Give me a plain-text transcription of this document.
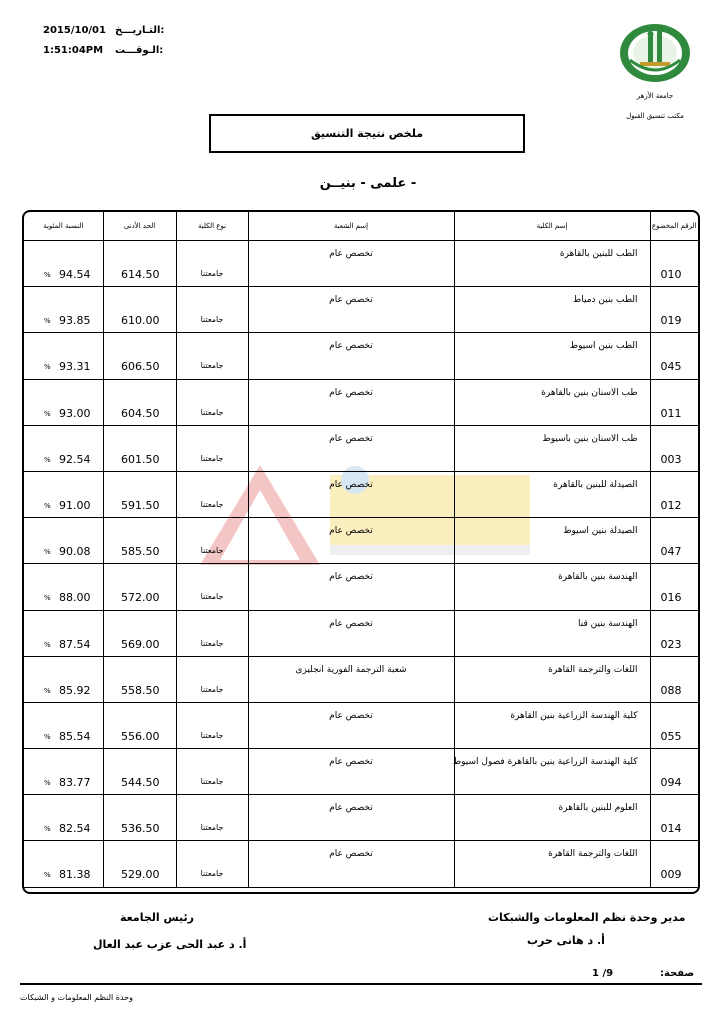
2015/10/01 التـاريـــخ:
1:51:04PM الـوقـــت:
جامعة الأزهر
مكتب تنسيق القبول
ملخص نتيجة التنسيق
- علمى - بنيــن
النسبة المئوية	الحد الأدنى	نوع الكلية	إسم الشعبة	إسم الكلية	الرقم المخضوع

% 94.54	614.50	جامعتنا	تخصص عام	الطب للبنين بالقاهرة	010

% 93.85	610.00	جامعتنا	تخصص عام	الطب بنين دمياط	019

% 93.31	606.50	جامعتنا	تخصص عام	الطب بنين اسيوط	045

% 93.00	604.50	جامعتنا	تخصص عام	طب الاسنان بنين بالقاهرة	011

% 92.54	601.50	جامعتنا	تخصص عام	طب الاسنان بنين باسيوط	003

% 91.00	591.50	جامعتنا	تخصص عام	الصيدلة للبنين بالقاهرة	012

% 90.08	585.50	جامعتنا	تخصص عام	الصيدلة بنين اسيوط	047

% 88.00	572.00	جامعتنا	تخصص عام	الهندسة بنين بالقاهرة	016

% 87.54	569.00	جامعتنا	تخصص عام	الهندسة بنين قنا	023

% 85.92	558.50	جامعتنا	شعبة الترجمة الفورية انجليزى	اللغات والترجمة القاهرة	088

% 85.54	556.00	جامعتنا	تخصص عام	كلية الهندسة الزراعية بنين القاهرة	055

% 83.77	544.50	جامعتنا	تخصص عام	كلية الهندسة الزراعية بنين بالقاهرة فصول اسيوط	094

% 82.54	536.50	جامعتنا	تخصص عام	العلوم للبنين بالقاهرة	014

% 81.38	529.00	جامعتنا	تخصص عام	اللغات والترجمة القاهرة	009
مدير وحدة نظم المعلومات والشبكات
أ. د هانى حرب
رئيس الجامعة
أ. د عبد الحى عزب عبد العال
صفحة:
1 /9
وحدة النظم المعلومات و الشبكات
